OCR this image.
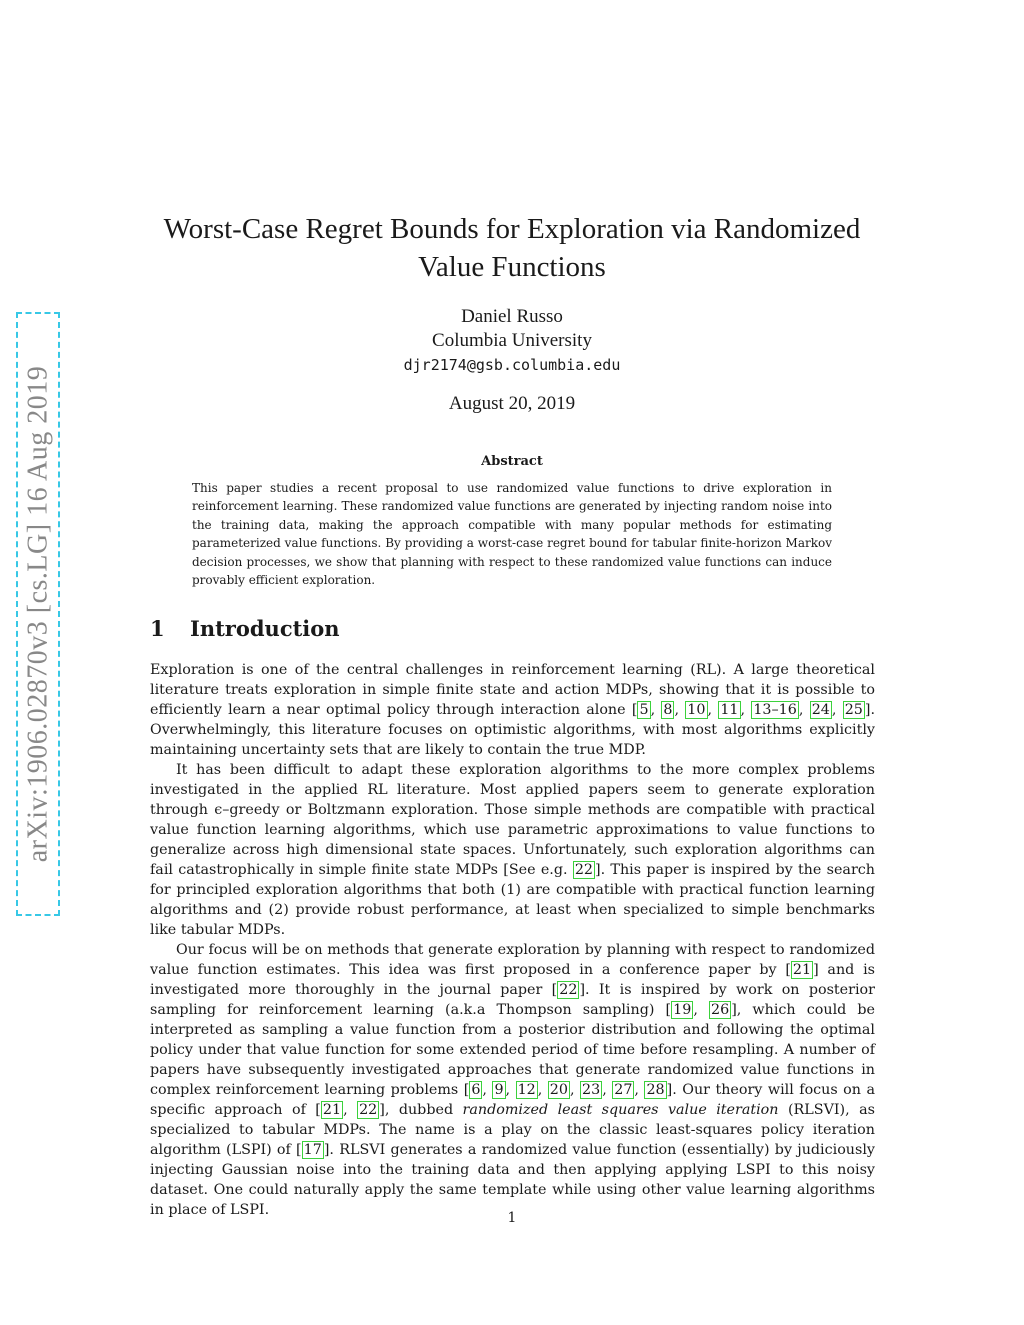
arXiv:1906.02870v3 [cs.LG] 16 Aug 2019
Worst-Case Regret Bounds for Exploration via Randomized Value Functions
Daniel Russo
Columbia University
djr2174@gsb.columbia.edu
August 20, 2019
Abstract

This paper studies a recent proposal to use randomized value functions to drive exploration in reinforcement learning. These randomized value functions are generated by injecting random noise into the training data, making the approach compatible with many popular methods for estimating parameterized value functions. By providing a worst-case regret bound for tabular finite-horizon Markov decision processes, we show that planning with respect to these randomized value functions can induce provably efficient exploration.

1 Introduction

Exploration is one of the central challenges in reinforcement learning (RL). A large theoretical literature treats exploration in simple finite state and action MDPs, showing that it is possible to efficiently learn a near optimal policy through interaction alone [ 5 , 8 , 10 , 11 , 13–16 , 24 , 25 ]. Overwhelmingly, this literature focuses on optimistic algorithms, with most algorithms explicitly maintaining uncertainty sets that are likely to contain the true MDP.

It has been difficult to adapt these exploration algorithms to the more complex problems investigated in the applied RL literature. Most applied papers seem to generate exploration through ϵ–greedy or Boltzmann exploration. Those simple methods are compatible with practical value function learning algorithms, which use parametric approximations to value functions to generalize across high dimensional state spaces. Unfortunately, such exploration algorithms can fail catastrophically in simple finite state MDPs [See e.g. 22 ]. This paper is inspired by the search for principled exploration algorithms that both (1) are compatible with practical function learning algorithms and (2) provide robust performance, at least when specialized to simple benchmarks like tabular MDPs.

Our focus will be on methods that generate exploration by planning with respect to randomized value function estimates. This idea was first proposed in a conference paper by [ 21 ] and is investigated more thoroughly in the journal paper [ 22 ]. It is inspired by work on posterior sampling for reinforcement learning (a.k.a Thompson sampling) [ 19 , 26 ], which could be interpreted as sampling a value function from a posterior distribution and following the optimal policy under that value function for some extended period of time before resampling. A number of papers have subsequently investigated approaches that generate randomized value functions in complex reinforcement learning problems [ 6 , 9 , 12 , 20 , 23 , 27 , 28 ]. Our theory will focus on a specific approach of [ 21 , 22 ], dubbed randomized least squares value iteration (RLSVI), as specialized to tabular MDPs. The name is a play on the classic least-squares policy iteration algorithm (LSPI) of [ 17 ]. RLSVI generates a randomized value function (essentially) by judiciously injecting Gaussian noise into the training data and then applying applying LSPI to this noisy dataset. One could naturally apply the same template while using other value learning algorithms in place of LSPI.	1
